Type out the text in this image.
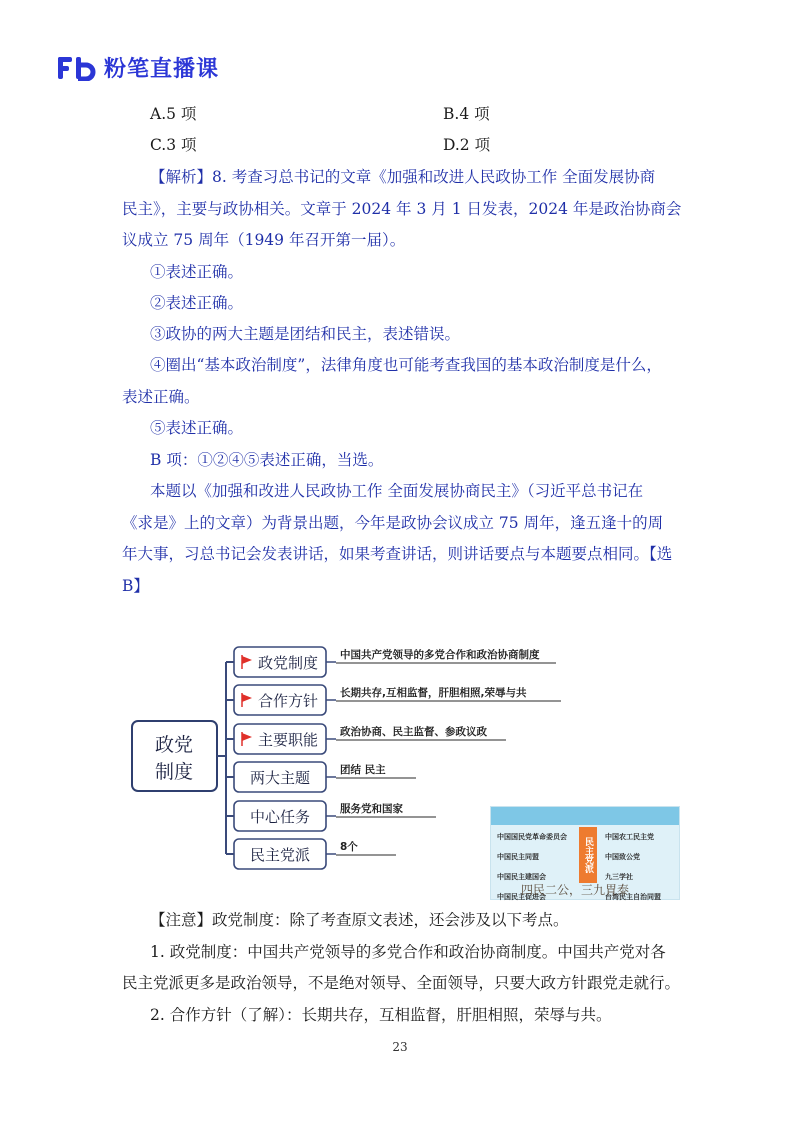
粉笔直播课
A.5 项	B.4 项
C.3 项	D.2 项
【解析】8. 考查习总书记的文章《加强和改进人民政协工作 全面发展协商
民主》，主要与政协相关。文章于 2024 年 3 月 1 日发表，2024 年是政治协商会
议成立 75 周年（1949 年召开第一届）。
①表述正确。
②表述正确。
③政协的两大主题是团结和民主，表述错误。
④圈出“基本政治制度”，法律角度也可能考查我国的基本政治制度是什么，
表述正确。
⑤表述正确。
B 项：①②④⑤表述正确，当选。
本题以《加强和改进人民政协工作 全面发展协商民主》（习近平总书记在
《求是》上的文章）为背景出题，今年是政协会议成立 75 周年，逢五逢十的周
年大事，习总书记会发表讲话，如果考查讲话，则讲话要点与本题要点相同。【选
B】
政党
制度
政党制度 中国共产党领导的多党合作和政治协商制度
合作方针 长期共存,互相监督，肝胆相照,荣辱与共
主要职能 政治协商、民主监督、参政议政
两大主题	团结 民主
中心任务	服务党和国家
民主党派	8个
中国国民党革命委员会
中国民主同盟
中国民主建国会
中国民主促进会
民主党派	中国农工民主党
中国致公党
九三学社
台湾民主自治同盟
四民二公，三九胃泰
【注意】政党制度：除了考查原文表述，还会涉及以下考点。
1. 政党制度：中国共产党领导的多党合作和政治协商制度。中国共产党对各
民主党派更多是政治领导，不是绝对领导、全面领导，只要大政方针跟党走就行。
2. 合作方针（了解）：长期共存，互相监督，肝胆相照，荣辱与共。
23
